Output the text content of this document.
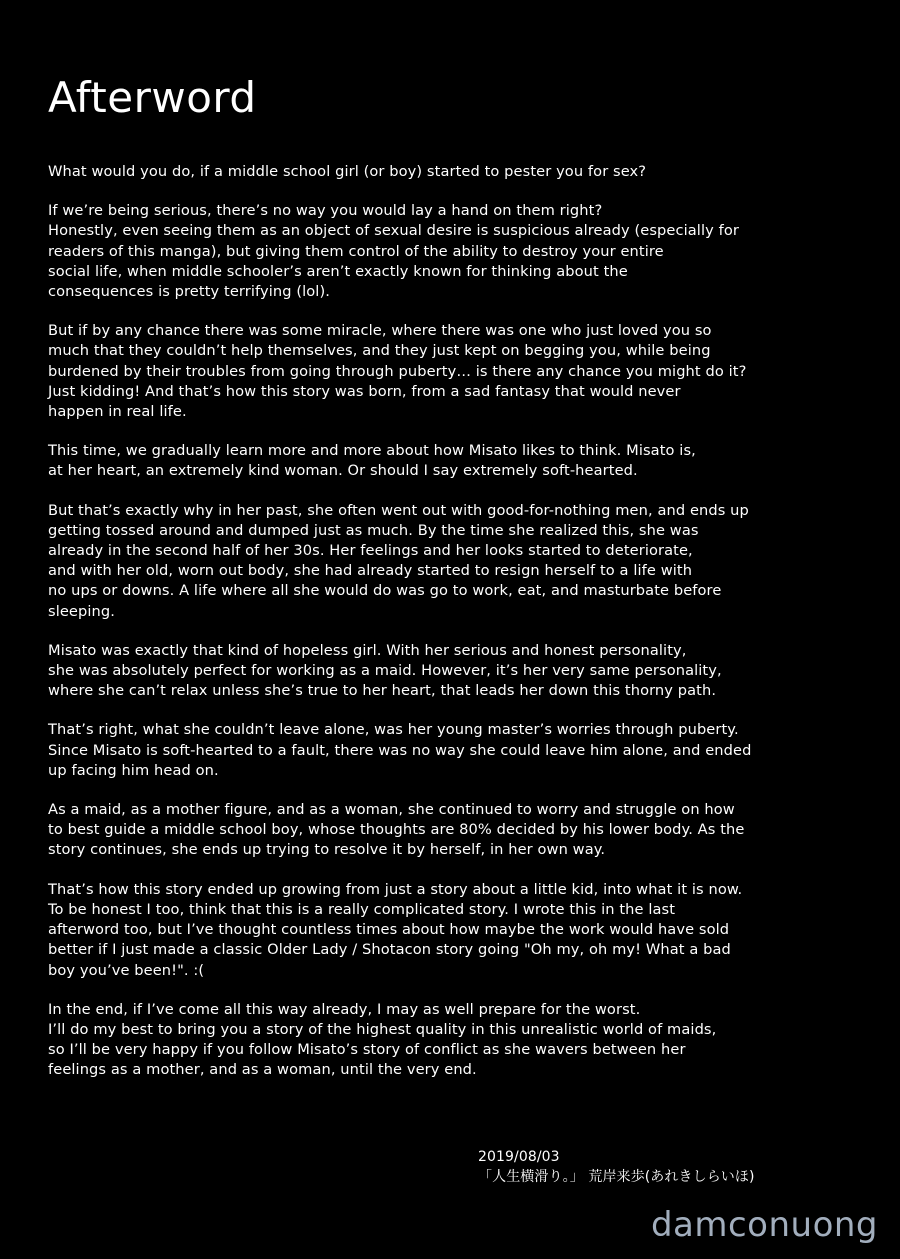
Afterword
What would you do, if a middle school girl (or boy) started to pester you for sex?
If we’re being serious, there’s no way you would lay a hand on them right?
Honestly, even seeing them as an object of sexual desire is suspicious already (especially for
readers of this manga), but giving them control of the ability to destroy your entire
social life, when middle schooler’s aren’t exactly known for thinking about the
consequences is pretty terrifying (lol).
But if by any chance there was some miracle, where there was one who just loved you so
much that they couldn’t help themselves, and they just kept on begging you, while being
burdened by their troubles from going through puberty… is there any chance you might do it?
Just kidding! And that’s how this story was born, from a sad fantasy that would never
happen in real life.
This time, we gradually learn more and more about how Misato likes to think. Misato is,
at her heart, an extremely kind woman. Or should I say extremely soft-hearted.
But that’s exactly why in her past, she often went out with good-for-nothing men, and ends up
getting tossed around and dumped just as much. By the time she realized this, she was
already in the second half of her 30s. Her feelings and her looks started to deteriorate,
and with her old, worn out body, she had already started to resign herself to a life with
no ups or downs. A life where all she would do was go to work, eat, and masturbate before
sleeping.
Misato was exactly that kind of hopeless girl. With her serious and honest personality,
she was absolutely perfect for working as a maid. However, it’s her very same personality,
where she can’t relax unless she’s true to her heart, that leads her down this thorny path.
That’s right, what she couldn’t leave alone, was her young master’s worries through puberty.
Since Misato is soft-hearted to a fault, there was no way she could leave him alone, and ended
up facing him head on.
As a maid, as a mother figure, and as a woman, she continued to worry and struggle on how
to best guide a middle school boy, whose thoughts are 80% decided by his lower body. As the
story continues, she ends up trying to resolve it by herself, in her own way.
That’s how this story ended up growing from just a story about a little kid, into what it is now.
To be honest I too, think that this is a really complicated story. I wrote this in the last
afterword too, but I’ve thought countless times about how maybe the work would have sold
better if I just made a classic Older Lady / Shotacon story going "Oh my, oh my! What a bad
boy you’ve been!". :(
In the end, if I’ve come all this way already, I may as well prepare for the worst.
I’ll do my best to bring you a story of the highest quality in this unrealistic world of maids,
so I’ll be very happy if you follow Misato’s story of conflict as she wavers between her
feelings as a mother, and as a woman, until the very end.
2019/08/03
「人生横滑り。」 荒岸来歩(あれきしらいほ)
damconuong
